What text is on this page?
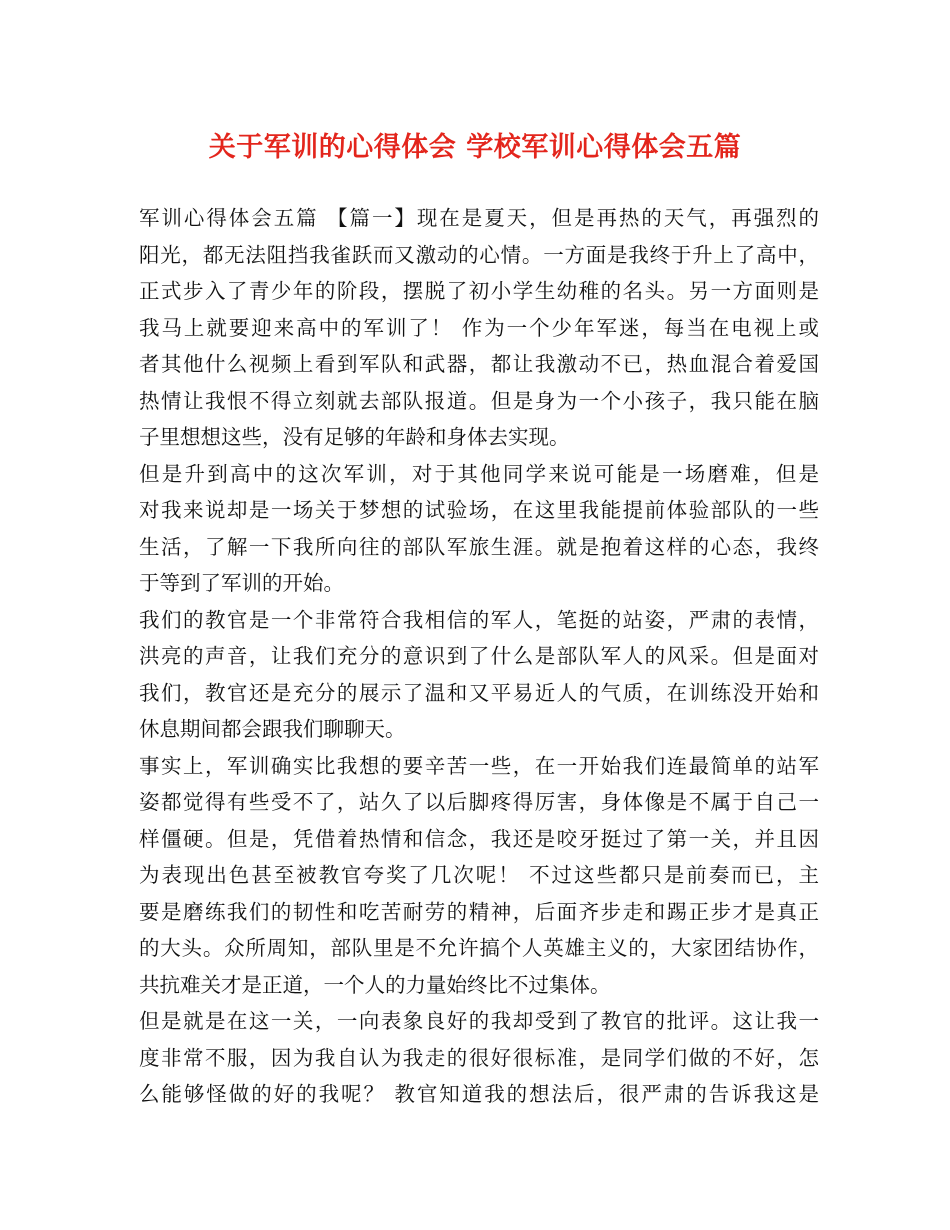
关于军训的心得体会 学校军训心得体会五篇
军训心得体会五篇 【篇一】现在是夏天，但是再热的天气，再强烈的
阳光，都无法阻挡我雀跃而又激动的心情。一方面是我终于升上了高中，
正式步入了青少年的阶段，摆脱了初小学生幼稚的名头。另一方面则是
我马上就要迎来高中的军训了！ 作为一个少年军迷，每当在电视上或
者其他什么视频上看到军队和武器，都让我激动不已，热血混合着爱国
热情让我恨不得立刻就去部队报道。但是身为一个小孩子，我只能在脑
子里想想这些，没有足够的年龄和身体去实现。
但是升到高中的这次军训，对于其他同学来说可能是一场磨难，但是
对我来说却是一场关于梦想的试验场，在这里我能提前体验部队的一些
生活，了解一下我所向往的部队军旅生涯。就是抱着这样的心态，我终
于等到了军训的开始。
我们的教官是一个非常符合我相信的军人，笔挺的站姿，严肃的表情，
洪亮的声音，让我们充分的意识到了什么是部队军人的风采。但是面对
我们，教官还是充分的展示了温和又平易近人的气质，在训练没开始和
休息期间都会跟我们聊聊天。
事实上，军训确实比我想的要辛苦一些，在一开始我们连最简单的站军
姿都觉得有些受不了，站久了以后脚疼得厉害，身体像是不属于自己一
样僵硬。但是，凭借着热情和信念，我还是咬牙挺过了第一关，并且因
为表现出色甚至被教官夸奖了几次呢！ 不过这些都只是前奏而已，主
要是磨练我们的韧性和吃苦耐劳的精神，后面齐步走和踢正步才是真正
的大头。众所周知，部队里是不允许搞个人英雄主义的，大家团结协作，
共抗难关才是正道，一个人的力量始终比不过集体。
但是就是在这一关，一向表象良好的我却受到了教官的批评。这让我一
度非常不服，因为我自认为我走的很好很标准，是同学们做的不好，怎
么能够怪做的好的我呢？ 教官知道我的想法后，很严肃的告诉我这是
